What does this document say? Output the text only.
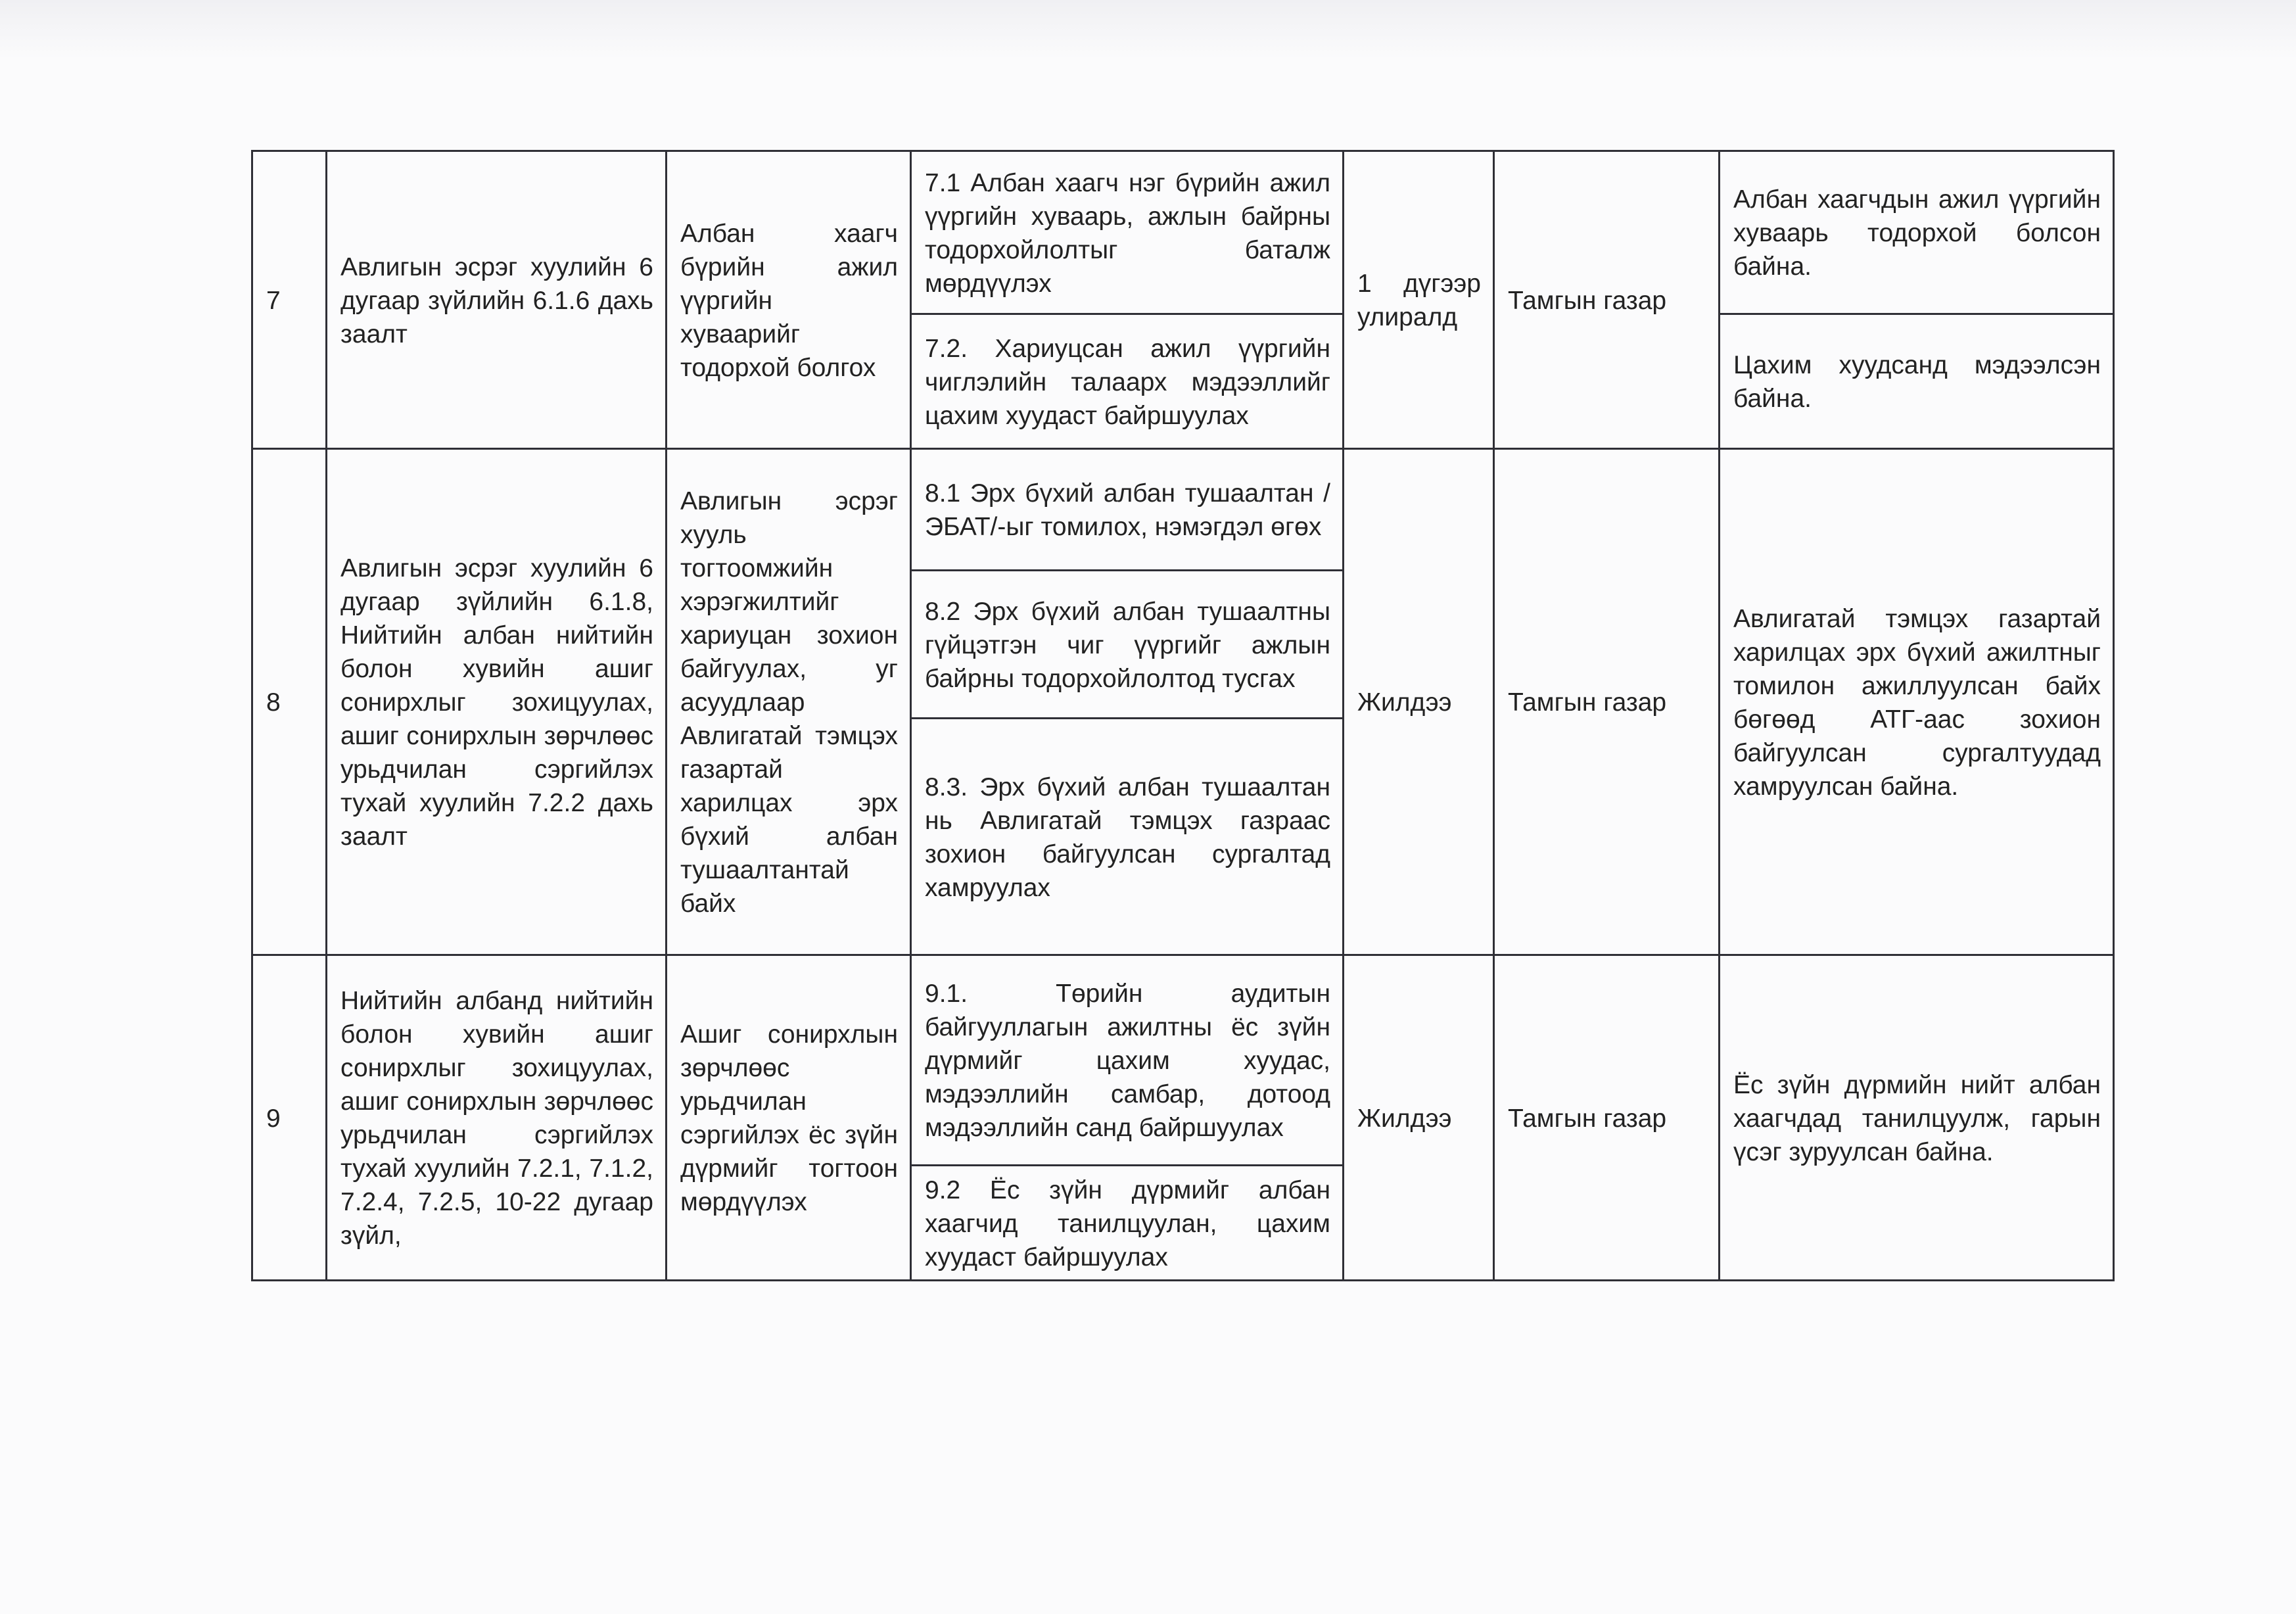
7	Авлигын эсрэг хуулийн 6 дугаар зүйлийн 6.1.6 дахь заалт	Албан хаагч бүрийн ажил үүргийн хуваарийг тодорхой болгох	7.1 Албан хаагч нэг бүрийн ажил үүргийн хуваарь, ажлын байрны тодорхойлолтыг баталж мөрдүүлэх	1 дүгээр улиралд	Тамгын газар	Албан хаагчдын ажил үүргийн хуваарь тодорхой болсон байна.
			7.2. Хариуцсан ажил үүргийн чиглэлийн талаарх мэдээллийг цахим хуудаст байршуулах			Цахим хуудсанд мэдээлсэн байна.
8	Авлигын эсрэг хуулийн 6 дугаар зүйлийн 6.1.8, Нийтийн албан нийтийн болон хувийн ашиг сонирхлыг зохицуулах, ашиг сонирхлын зөрчлөөс урьдчилан сэргийлэх тухай хуулийн 7.2.2 дахь заалт	Авлигын эсрэг хууль тогтоомжийн хэрэгжилтийг хариуцан зохион байгуулах, уг асуудлаар Авлигатай тэмцэх газартай харилцах эрх бүхий албан тушаалтантай байх	8.1 Эрх бүхий албан тушаалтан /ЭБАТ/-ыг томилох, нэмэгдэл өгөх	Жилдээ	Тамгын газар	Авлигатай тэмцэх газартай харилцах эрх бүхий ажилтныг томилон ажиллуулсан байх бөгөөд АТГ-аас зохион байгуулсан сургалтуудад хамруулсан байна.
			8.2 Эрх бүхий албан тушаалтны гүйцэтгэн чиг үүргийг ажлын байрны тодорхойлолтод тусгах			
			8.3. Эрх бүхий албан тушаалтан нь Авлигатай тэмцэх газраас зохион байгуулсан сургалтад хамруулах			
9	Нийтийн албанд нийтийн болон хувийн ашиг сонирхлыг зохицуулах, ашиг сонирхлын зөрчлөөс урьдчилан сэргийлэх тухай хуулийн 7.2.1, 7.1.2, 7.2.4, 7.2.5, 10-22 дугаар зүйл,	Ашиг сонирхлын зөрчлөөс урьдчилан сэргийлэх ёс зүйн дүрмийг тогтоон мөрдүүлэх	9.1. Төрийн аудитын байгууллагын ажилтны ёс зүйн дүрмийг цахим хуудас, мэдээллийн самбар, дотоод мэдээллийн санд байршуулах	Жилдээ	Тамгын газар	Ёс зүйн дүрмийн нийт албан хаагчдад танилцуулж, гарын үсэг зуруулсан байна.
			9.2 Ёс зүйн дүрмийг албан хаагчид танилцуулан, цахим хуудаст байршуулах			
